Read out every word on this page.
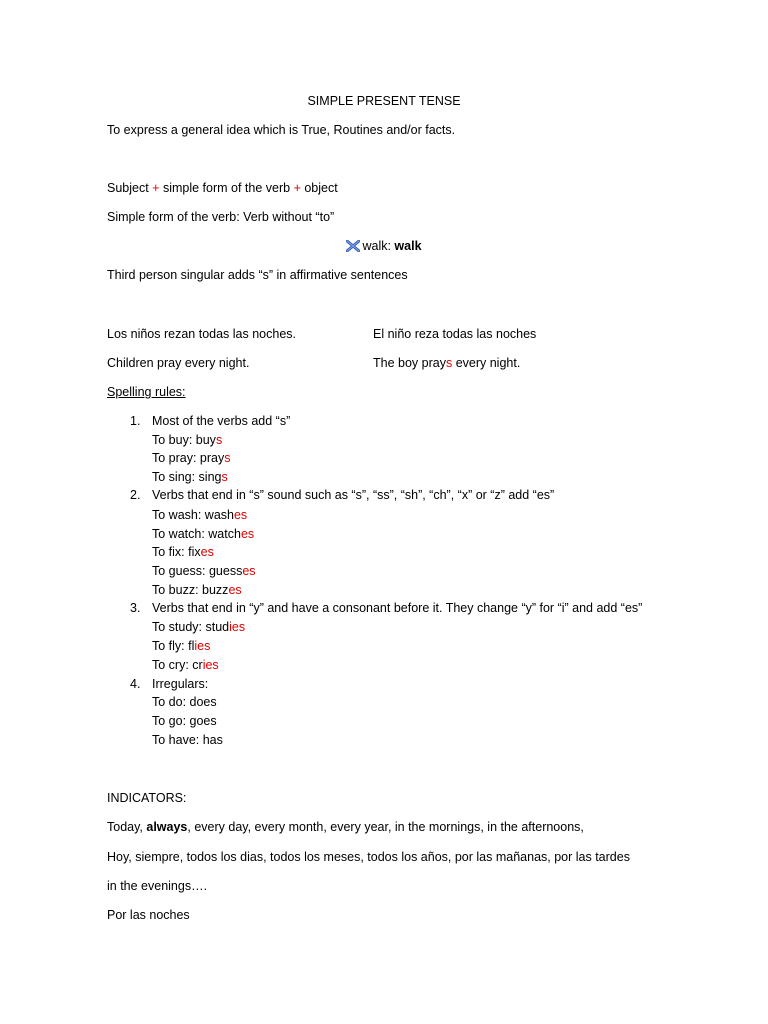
SIMPLE PRESENT TENSE
To express a general idea which is True, Routines and/or facts.
Subject + simple form of the verb + object
Simple form of the verb: Verb without “to”
walk: walk
Third person singular adds “s” in affirmative sentences
Los niños rezan todas las noches.	El niño reza todas las noches
Children pray every night.	The boy prays every night.
Spelling rules:
1. Most of the verbs add “s”
To buy: buys
To pray: prays
To sing: sings
2. Verbs that end in “s” sound such as “s”, “ss”, “sh”, “ch”, “x” or “z” add “es”
To wash: washes
To watch: watches
To fix: fixes
To guess: guesses
To buzz: buzzes
3. Verbs that end in “y” and have a consonant before it. They change “y” for “i” and add “es”
To study: studies
To fly: flies
To cry: cries
4. Irregulars:
To do: does
To go: goes
To have: has
INDICATORS:
Today, always, every day, every month, every year, in the mornings, in the afternoons,
Hoy, siempre, todos los dias, todos los meses, todos los años, por las mañanas, por las tardes
in the evenings….
Por las noches
